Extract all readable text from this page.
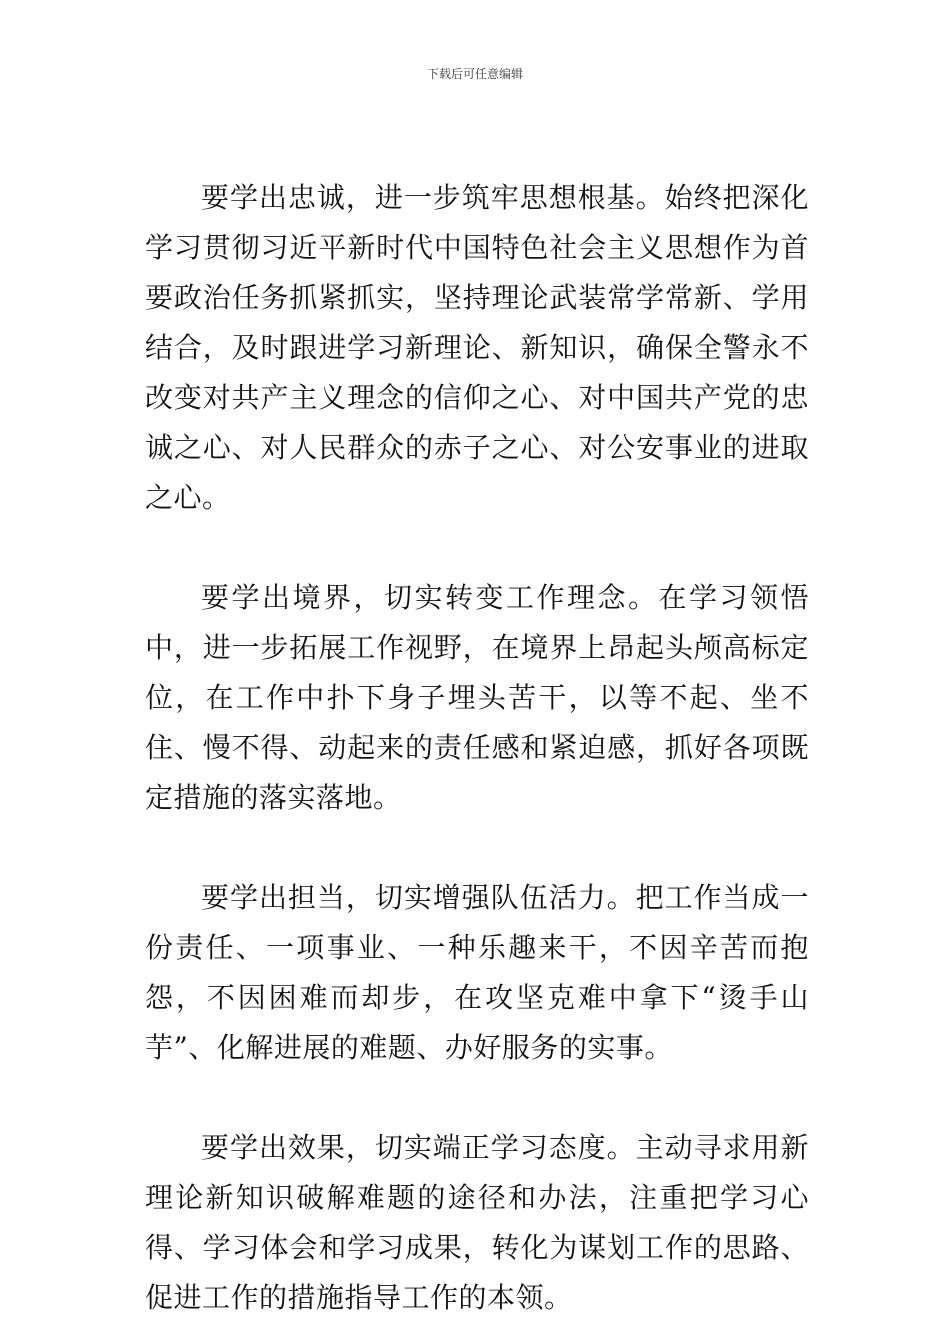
下载后可任意编辑

要学出忠诚，进一步筑牢思想根基。始终把深化学习贯彻习近平新时代中国特色社会主义思想作为首要政治任务抓紧抓实，坚持理论武装常学常新、学用结合，及时跟进学习新理论、新知识，确保全警永不改变对共产主义理念的信仰之心、对中国共产党的忠诚之心、对人民群众的赤子之心、对公安事业的进取之心。

要学出境界，切实转变工作理念。在学习领悟中，进一步拓展工作视野，在境界上昂起头颅高标定位，在工作中扑下身子埋头苦干，以等不起、坐不住、慢不得、动起来的责任感和紧迫感，抓好各项既定措施的落实落地。

要学出担当，切实增强队伍活力。把工作当成一份责任、一项事业、一种乐趣来干，不因辛苦而抱怨，不因困难而却步，在攻坚克难中拿下“烫手山芋”、化解进展的难题、办好服务的实事。

要学出效果，切实端正学习态度。主动寻求用新理论新知识破解难题的途径和办法，注重把学习心得、学习体会和学习成果，转化为谋划工作的思路、促进工作的措施指导工作的本领。
